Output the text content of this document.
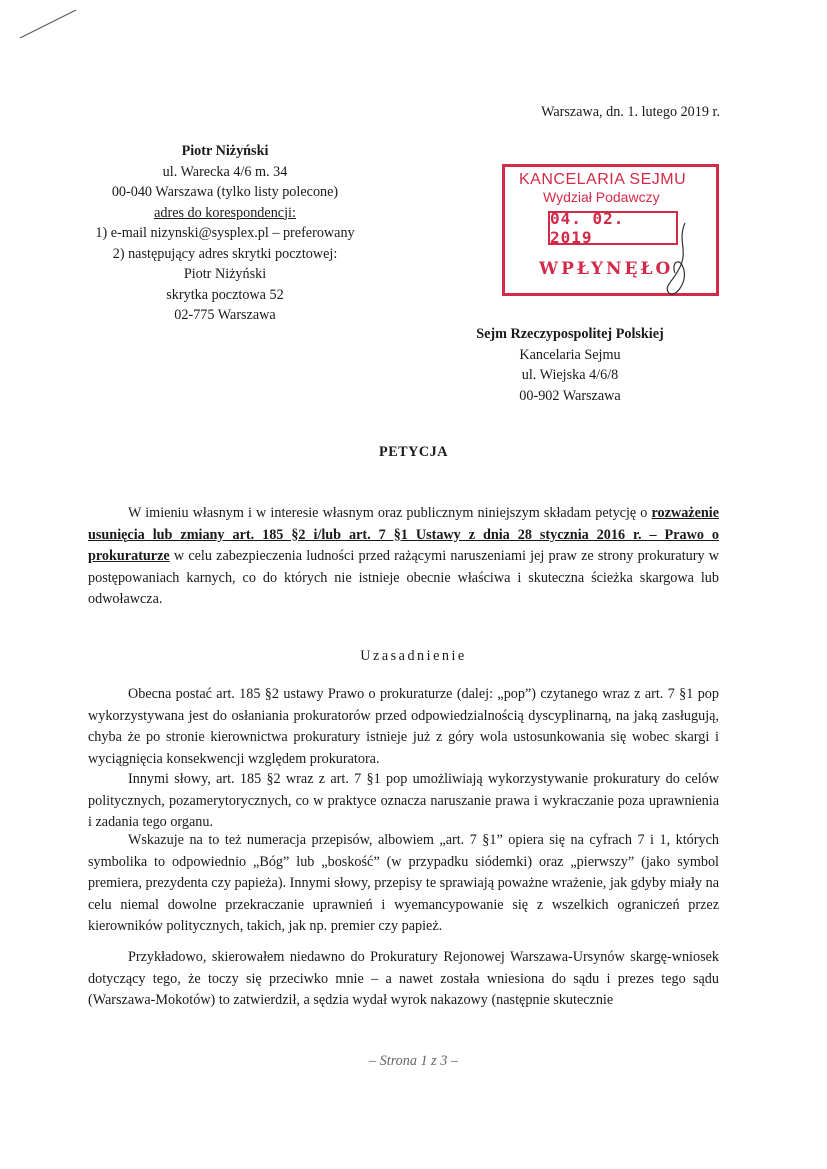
Warszawa, dn. 1. lutego 2019 r.
Piotr Niżyński
ul. Warecka 4/6 m. 34
00-040 Warszawa (tylko listy polecone)
adres do korespondencji:
1) e-mail nizynski@sysplex.pl – preferowany
2) następujący adres skrytki pocztowej:
Piotr Niżyński
skrytka pocztowa 52
02-775 Warszawa
KANCELARIA SEJMU
Wydział Podawczy
04. 02. 2019
WPŁYNĘŁO
Sejm Rzeczypospolitej Polskiej
Kancelaria Sejmu
ul. Wiejska 4/6/8
00-902 Warszawa
PETYCJA
W imieniu własnym i w interesie własnym oraz publicznym niniejszym składam petycję o rozważenie usunięcia lub zmiany art. 185 §2 i/lub art. 7 §1 Ustawy z dnia 28 stycznia 2016 r. – Prawo o prokuraturze w celu zabezpieczenia ludności przed rażącymi naruszeniami jej praw ze strony prokuratury w postępowaniach karnych, co do których nie istnieje obecnie właściwa i skuteczna ścieżka skargowa lub odwoławcza.
Uzasadnienie
Obecna postać art. 185 §2 ustawy Prawo o prokuraturze (dalej: „pop”) czytanego wraz z art. 7 §1 pop wykorzystywana jest do osłaniania prokuratorów przed odpowiedzialnością dyscyplinarną, na jaką zasługują, chyba że po stronie kierownictwa prokuratury istnieje już z góry wola ustosunkowania się wobec skargi i wyciągnięcia konsekwencji względem prokuratora.
Innymi słowy, art. 185 §2 wraz z art. 7 §1 pop umożliwiają wykorzystywanie prokuratury do celów politycznych, pozamerytorycznych, co w praktyce oznacza naruszanie prawa i wykraczanie poza uprawnienia i zadania tego organu.
Wskazuje na to też numeracja przepisów, albowiem „art. 7 §1” opiera się na cyfrach 7 i 1, których symbolika to odpowiednio „Bóg” lub „boskość” (w przypadku siódemki) oraz „pierwszy” (jako symbol premiera, prezydenta czy papieża). Innymi słowy, przepisy te sprawiają poważne wrażenie, jak gdyby miały na celu niemal dowolne przekraczanie uprawnień i wyemancypowanie się z wszelkich ograniczeń przez kierowników politycznych, takich, jak np. premier czy papież.
Przykładowo, skierowałem niedawno do Prokuratury Rejonowej Warszawa-Ursynów skargę-wniosek dotyczący tego, że toczy się przeciwko mnie – a nawet została wniesiona do sądu i prezes tego sądu (Warszawa-Mokotów) to zatwierdził, a sędzia wydał wyrok nakazowy (następnie skutecznie
– Strona 1 z 3 –
